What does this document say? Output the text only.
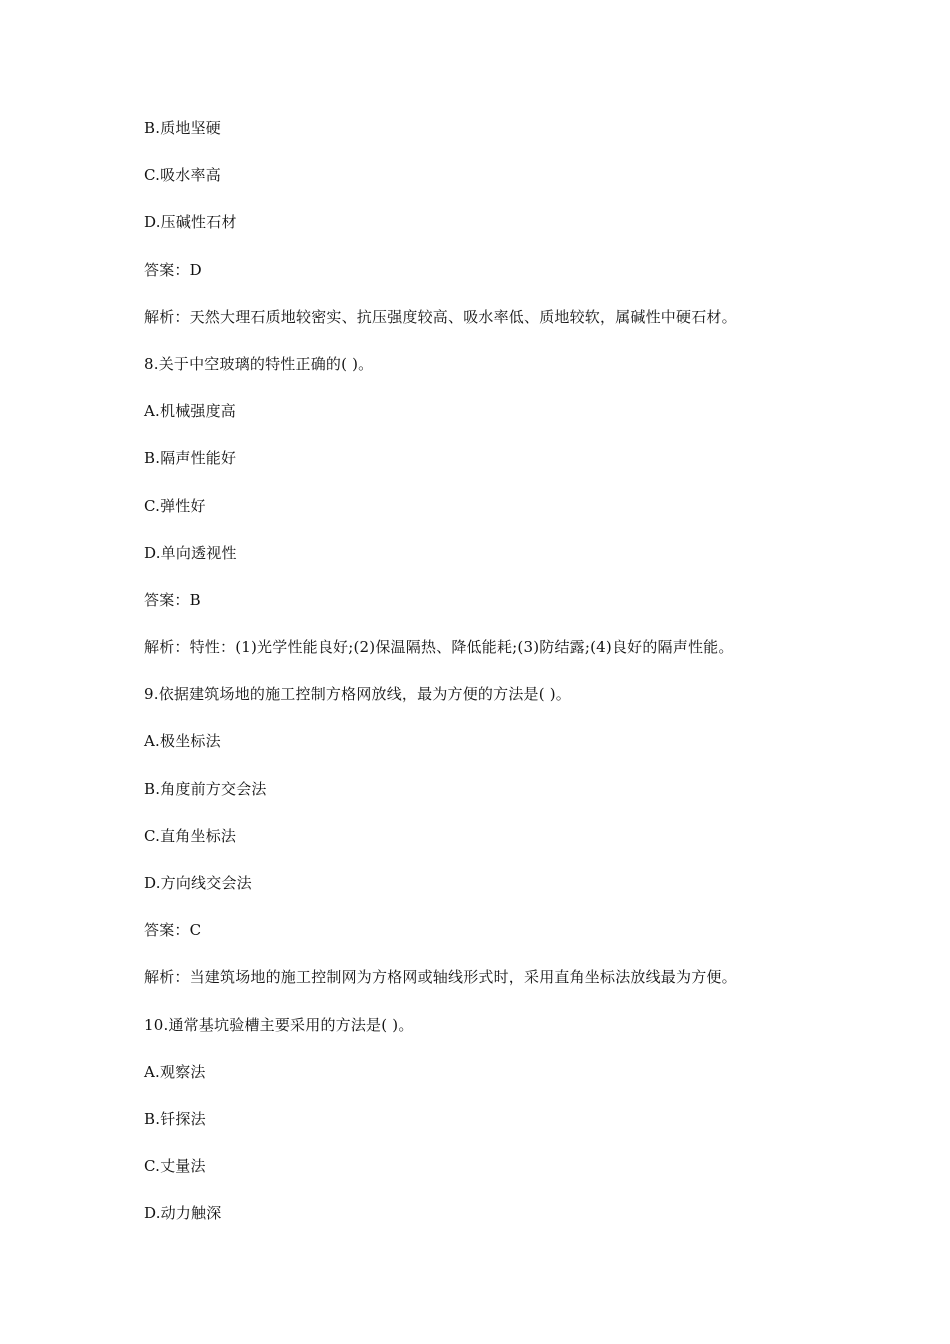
B.质地坚硬
C.吸水率高
D.压碱性石材
答案：D
解析：天然大理石质地较密实、抗压强度较高、吸水率低、质地较软，属碱性中硬石材。
8.关于中空玻璃的特性正确的( )。
A.机械强度高
B.隔声性能好
C.弹性好
D.单向透视性
答案：B
解析：特性：(1)光学性能良好;(2)保温隔热、降低能耗;(3)防结露;(4)良好的隔声性能。
9.依据建筑场地的施工控制方格网放线，最为方便的方法是( )。
A.极坐标法
B.角度前方交会法
C.直角坐标法
D.方向线交会法
答案：C
解析：当建筑场地的施工控制网为方格网或轴线形式时，采用直角坐标法放线最为方便。
10.通常基坑验槽主要采用的方法是( )。
A.观察法
B.钎探法
C.丈量法
D.动力触深
